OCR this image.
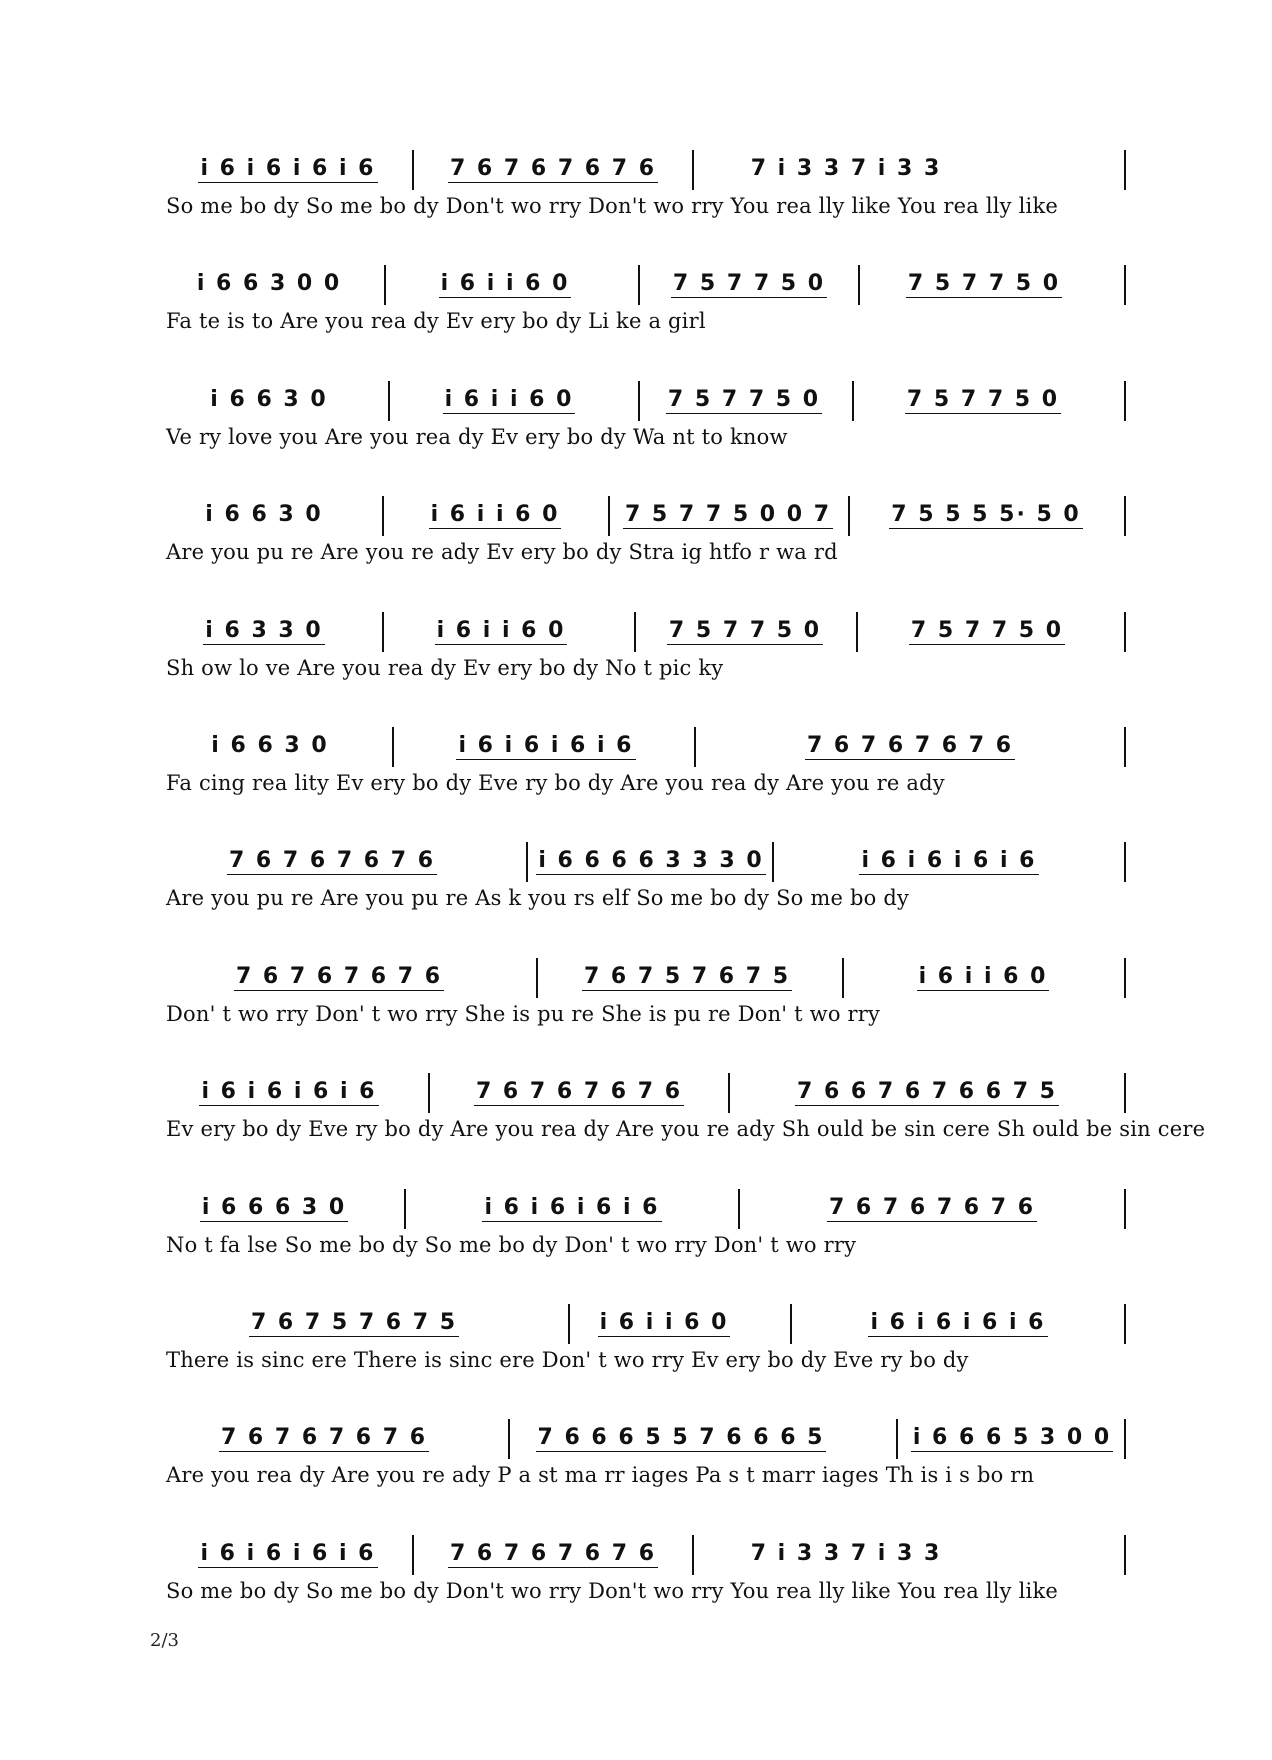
i 6 i 6 i 6 i 6	7 6 7 6 7 6 7 6	7 i 3 3 7 i 3 3
So me bo dy So me bo dy Don't wo rry Don't wo rry You rea lly like You rea lly like
i 6 6 3 0 0	i 6 i i 6 0	7 5 7 7 5 0	7 5 7 7 5 0
Fa te is to Are you rea dy Ev ery bo dy Li ke a girl
i 6 6 3 0	i 6 i i 6 0	7 5 7 7 5 0	7 5 7 7 5 0
Ve ry love you Are you rea dy Ev ery bo dy Wa nt to know
i 6 6 3 0	i 6 i i 6 0	7 5 7 7 5 0 0 7	7 5 5 5 5· 5 0
Are you pu re Are you re ady Ev ery bo dy Stra ig htfo r wa rd
i 6 3 3 0	i 6 i i 6 0	7 5 7 7 5 0	7 5 7 7 5 0
Sh ow lo ve Are you rea dy Ev ery bo dy No t pic ky
i 6 6 3 0	i 6 i 6 i 6 i 6	7 6 7 6 7 6 7 6
Fa cing rea lity Ev ery bo dy Eve ry bo dy Are you rea dy Are you re ady
7 6 7 6 7 6 7 6	i 6 6 6 6 3 3 3 0	i 6 i 6 i 6 i 6
Are you pu re Are you pu re As k you rs elf So me bo dy So me bo dy
7 6 7 6 7 6 7 6	7 6 7 5 7 6 7 5	i 6 i i 6 0
Don' t wo rry Don' t wo rry She is pu re She is pu re Don' t wo rry
i 6 i 6 i 6 i 6	7 6 7 6 7 6 7 6	7 6 6 7 6 7 6 6 7 5
Ev ery bo dy Eve ry bo dy Are you rea dy Are you re ady Sh ould be sin cere Sh ould be sin cere
i 6 6 6 3 0	i 6 i 6 i 6 i 6	7 6 7 6 7 6 7 6
No t fa lse So me bo dy So me bo dy Don' t wo rry Don' t wo rry
7 6 7 5 7 6 7 5	i 6 i i 6 0	i 6 i 6 i 6 i 6
There is sinc ere There is sinc ere Don' t wo rry Ev ery bo dy Eve ry bo dy
7 6 7 6 7 6 7 6	7 6 6 6 5 5 7 6 6 6 5	i 6 6 6 5 3 0 0
Are you rea dy Are you re ady P a st ma rr iages Pa s t marr iages Th is i s bo rn
i 6 i 6 i 6 i 6	7 6 7 6 7 6 7 6	7 i 3 3 7 i 3 3
So me bo dy So me bo dy Don't wo rry Don't wo rry You rea lly like You rea lly like
2/3
